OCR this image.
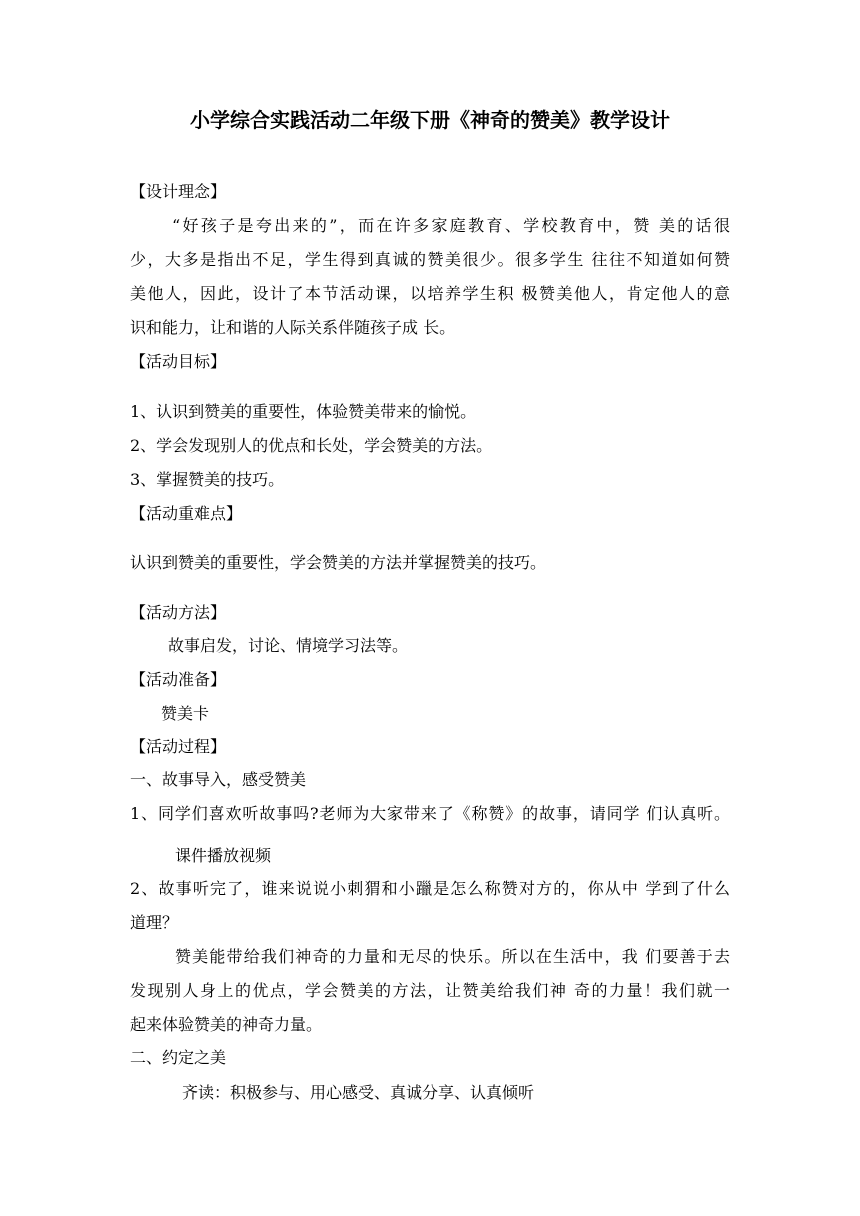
小学综合实践活动二年级下册《神奇的赞美》教学设计
【设计理念】
“好孩子是夸出来的”，而在许多家庭教育、学校教育中，赞 美的话很
少，大多是指出不足，学生得到真诚的赞美很少。很多学生 往往不知道如何赞
美他人，因此，设计了本节活动课，以培养学生积 极赞美他人，肯定他人的意
识和能力，让和谐的人际关系伴随孩子成 长。
【活动目标】
1、认识到赞美的重要性，体验赞美带来的愉悦。
2、学会发现别人的优点和长处，学会赞美的方法。
3、掌握赞美的技巧。
【活动重难点】
认识到赞美的重要性，学会赞美的方法并掌握赞美的技巧。
【活动方法】
故事启发，讨论、情境学习法等。
【活动准备】
赞美卡
【活动过程】
一、故事导入，感受赞美
1、同学们喜欢听故事吗?老师为大家带来了《称赞》的故事，请同学 们认真听。
课件播放视频
2、故事听完了，谁来说说小刺猬和小躐是怎么称赞对方的，你从中 学到了什么
道理？
赞美能带给我们神奇的力量和无尽的快乐。所以在生活中，我 们要善于去
发现别人身上的优点，学会赞美的方法，让赞美给我们神 奇的力量！我们就一
起来体验赞美的神奇力量。
二、约定之美
齐读：积极参与、用心感受、真诚分享、认真倾听
